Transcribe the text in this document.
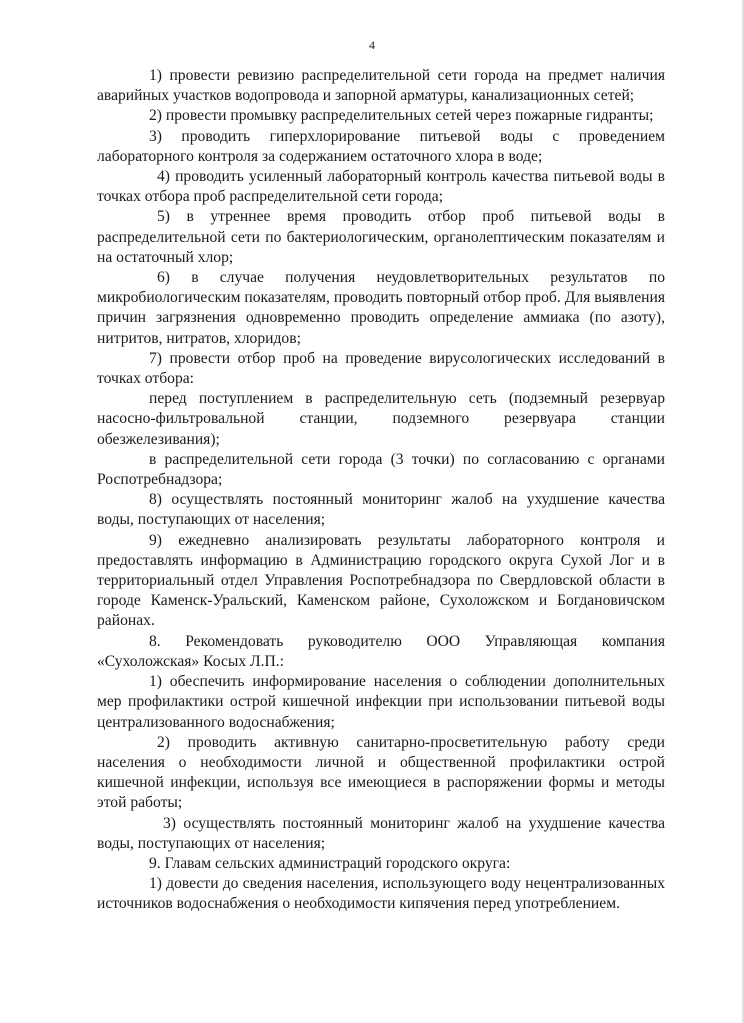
4

1) провести ревизию распределительной сети города на предмет наличия аварийных участков водопровода и запорной арматуры, канализационных сетей;

2) провести промывку распределительных сетей через пожарные гидранты;

3) проводить гиперхлорирование питьевой воды с проведением лабораторного контроля за содержанием остаточного хлора в воде;

4) проводить усиленный лабораторный контроль качества питьевой воды в точках отбора проб распределительной сети города;

5) в утреннее время проводить отбор проб питьевой воды в распределительной сети по бактериологическим, органолептическим показателям и на остаточный хлор;

6) в случае получения неудовлетворительных результатов по микробиологическим показателям, проводить повторный отбор проб. Для выявления причин загрязнения одновременно проводить определение аммиака (по азоту), нитритов, нитратов, хлоридов;

7) провести отбор проб на проведение вирусологических исследований в точках отбора:

перед поступлением в распределительную сеть (подземный резервуар насосно-фильтровальной станции, подземного резервуара станции обезжелезивания);

в распределительной сети города (3 точки) по согласованию с органами Роспотребнадзора;

8) осуществлять постоянный мониторинг жалоб на ухудшение качества воды, поступающих от населения;

9) ежедневно анализировать результаты лабораторного контроля и предоставлять информацию в Администрацию городского округа Сухой Лог и в территориальный отдел Управления Роспотребнадзора по Свердловской области в городе Каменск-Уральский, Каменском районе, Сухоложском и Богдановичском районах.

8. Рекомендовать руководителю ООО Управляющая компания «Сухоложская» Косых Л.П.:

1) обеспечить информирование населения о соблюдении дополнительных мер профилактики острой кишечной инфекции при использовании питьевой воды централизованного водоснабжения;

2) проводить активную санитарно-просветительную работу среди населения о необходимости личной и общественной профилактики острой кишечной инфекции, используя все имеющиеся в распоряжении формы и методы этой работы;

3) осуществлять постоянный мониторинг жалоб на ухудшение качества воды, поступающих от населения;

9. Главам сельских администраций городского округа:

1) довести до сведения населения, использующего воду нецентрализованных источников водоснабжения о необходимости кипячения перед употреблением.
